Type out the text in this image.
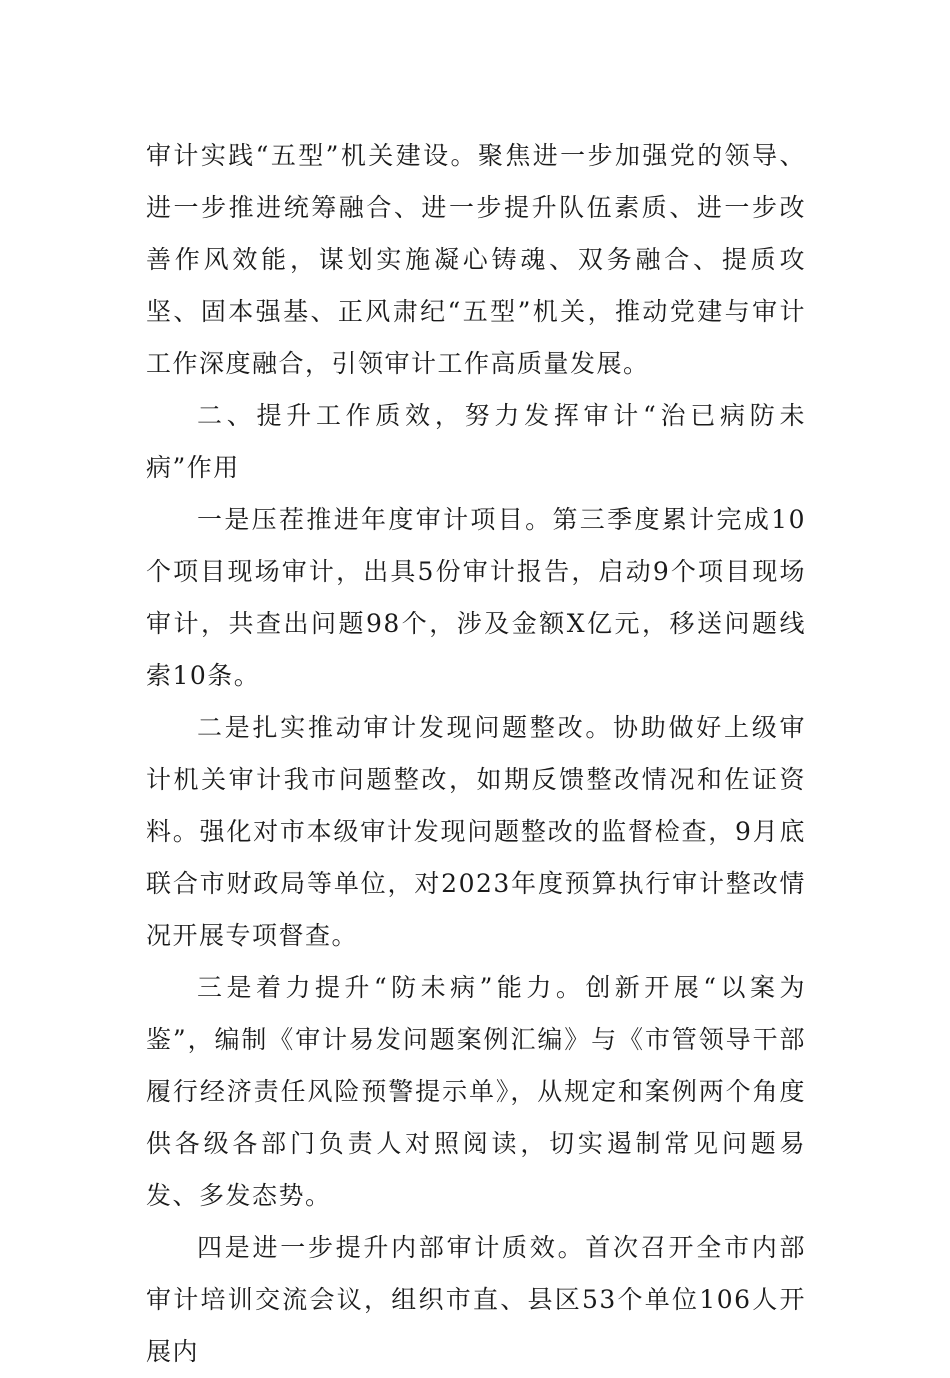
审计实践“五型”机关建设。聚焦进一步加强党的领导、进一步推进统筹融合、进一步提升队伍素质、进一步改善作风效能，谋划实施凝心铸魂、双务融合、提质攻坚、固本强基、正风肃纪“五型”机关，推动党建与审计工作深度融合，引领审计工作高质量发展。

二、提升工作质效，努力发挥审计“治已病防未病”作用

一是压茬推进年度审计项目。第三季度累计完成10个项目现场审计，出具5份审计报告，启动9个项目现场审计，共查出问题98个，涉及金额X亿元，移送问题线索10条。

二是扎实推动审计发现问题整改。协助做好上级审计机关审计我市问题整改，如期反馈整改情况和佐证资料。强化对市本级审计发现问题整改的监督检查，9月底联合市财政局等单位，对2023年度预算执行审计整改情况开展专项督查。

三是着力提升“防未病”能力。创新开展“以案为鉴”，编制《审计易发问题案例汇编》与《市管领导干部履行经济责任风险预警提示单》，从规定和案例两个角度供各级各部门负责人对照阅读，切实遏制常见问题易发、多发态势。

四是进一步提升内部审计质效。首次召开全市内部审计培训交流会议，组织市直、县区53个单位106人开展内
